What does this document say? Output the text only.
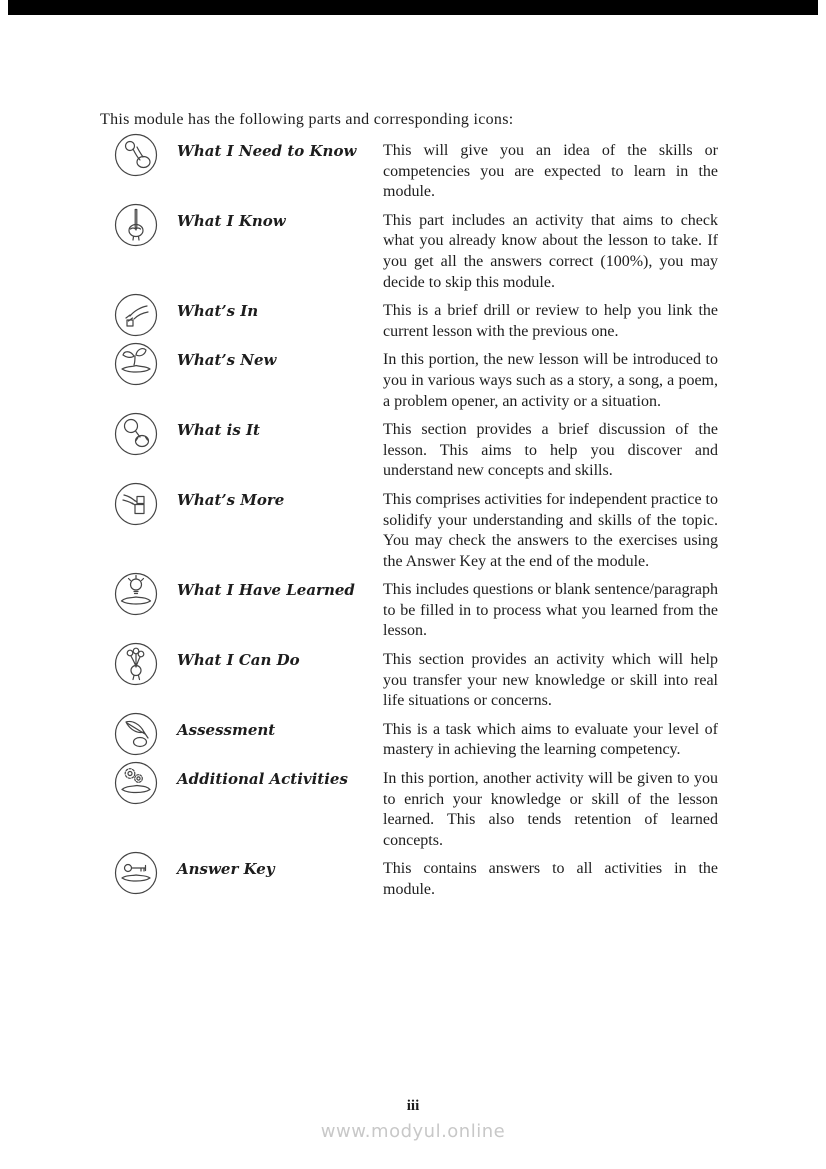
This module has the following parts and corresponding icons:

What I Need to Know	This will give you an idea of the skills or competencies you are expected to learn in the module.
What I Know	This part includes an activity that aims to check what you already know about the lesson to take. If you get all the answers correct (100%), you may decide to skip this module.
What’s In	This is a brief drill or review to help you link the current lesson with the previous one.
What’s New	In this portion, the new lesson will be introduced to you in various ways such as a story, a song, a poem, a problem opener, an activity or a situation.
What is It	This section provides a brief discussion of the lesson. This aims to help you discover and understand new concepts and skills.
What’s More	This comprises activities for independent practice to solidify your understanding and skills of the topic. You may check the answers to the exercises using the Answer Key at the end of the module.
What I Have Learned	This includes questions or blank sentence/paragraph to be filled in to process what you learned from the lesson.
What I Can Do	This section provides an activity which will help you transfer your new knowledge or skill into real life situations or concerns.
Assessment	This is a task which aims to evaluate your level of mastery in achieving the learning competency.
Additional Activities	In this portion, another activity will be given to you to enrich your knowledge or skill of the lesson learned. This also tends retention of learned concepts.
Answer Key	This contains answers to all activities in the module.
iii
www.modyul.online
